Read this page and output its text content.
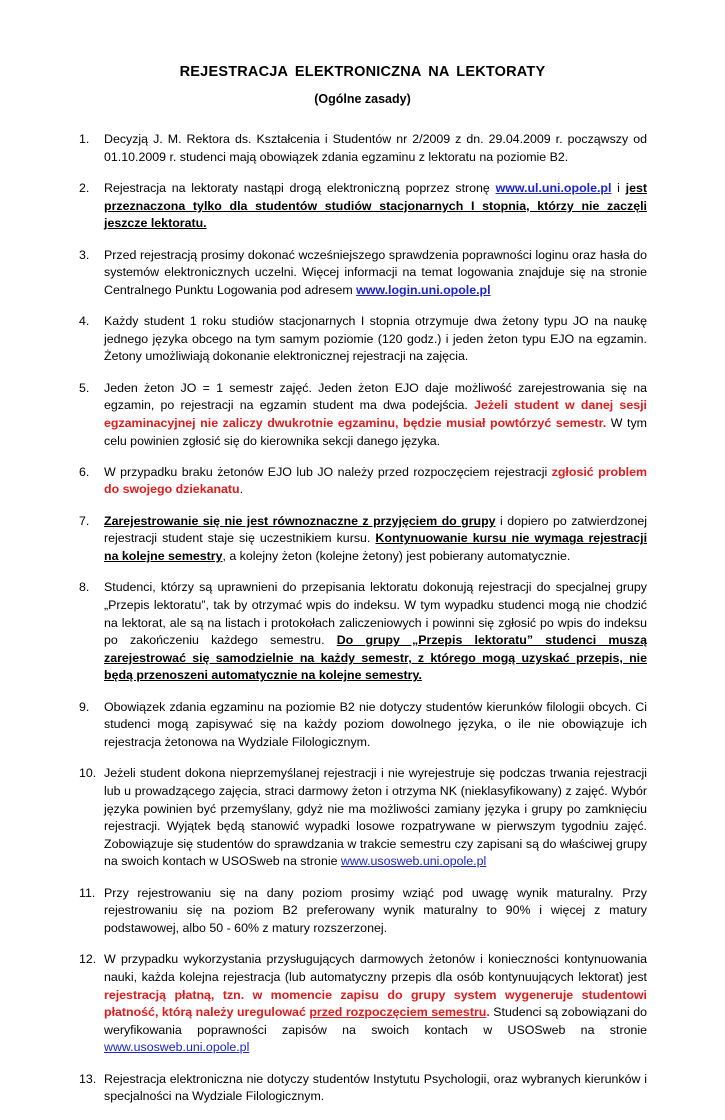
REJESTRACJA ELEKTRONICZNA NA LEKTORATY
(Ogólne zasady)
1.	Decyzją J. M. Rektora ds. Kształcenia i Studentów nr 2/2009 z dn. 29.04.2009 r. począwszy od 01.10.2009 r. studenci mają obowiązek zdania egzaminu z lektoratu na poziomie B2.
2.	Rejestracja na lektoraty nastąpi drogą elektroniczną poprzez stronę www.ul.uni.opole.pl i jest przeznaczona tylko dla studentów studiów stacjonarnych I stopnia, którzy nie zaczęli jeszcze lektoratu.
3.	Przed rejestracją prosimy dokonać wcześniejszego sprawdzenia poprawności loginu oraz hasła do systemów elektronicznych uczelni. Więcej informacji na temat logowania znajduje się na stronie Centralnego Punktu Logowania pod adresem www.login.uni.opole.pl
4.	Każdy student 1 roku studiów stacjonarnych I stopnia otrzymuje dwa żetony typu JO na naukę jednego języka obcego na tym samym poziomie (120 godz.) i jeden żeton typu EJO na egzamin. Żetony umożliwiają dokonanie elektronicznej rejestracji na zajęcia.
5.	Jeden żeton JO = 1 semestr zajęć. Jeden żeton EJO daje możliwość zarejestrowania się na egzamin, po rejestracji na egzamin student ma dwa podejścia. Jeżeli student w danej sesji egzaminacyjnej nie zaliczy dwukrotnie egzaminu, będzie musiał powtórzyć semestr. W tym celu powinien zgłosić się do kierownika sekcji danego języka.
6.	W przypadku braku żetonów EJO lub JO należy przed rozpoczęciem rejestracji zgłosić problem do swojego dziekanatu.
7.	Zarejestrowanie się nie jest równoznaczne z przyjęciem do grupy i dopiero po zatwierdzonej rejestracji student staje się uczestnikiem kursu. Kontynuowanie kursu nie wymaga rejestracji na kolejne semestry, a kolejny żeton (kolejne żetony) jest pobierany automatycznie.
8.	Studenci, którzy są uprawnieni do przepisania lektoratu dokonują rejestracji do specjalnej grupy „Przepis lektoratu”, tak by otrzymać wpis do indeksu. W tym wypadku studenci mogą nie chodzić na lektorat, ale są na listach i protokołach zaliczeniowych i powinni się zgłosić po wpis do indeksu po zakończeniu każdego semestru. Do grupy „Przepis lektoratu” studenci muszą zarejestrować się samodzielnie na każdy semestr, z którego mogą uzyskać przepis, nie będą przenoszeni automatycznie na kolejne semestry.
9.	Obowiązek zdania egzaminu na poziomie B2 nie dotyczy studentów kierunków filologii obcych. Ci studenci mogą zapisywać się na każdy poziom dowolnego języka, o ile nie obowiązuje ich rejestracja żetonowa na Wydziale Filologicznym.
10. Jeżeli student dokona nieprzemyślanej rejestracji i nie wyrejestruje się podczas trwania rejestracji lub u prowadzącego zajęcia, straci darmowy żeton i otrzyma NK (nieklasyfikowany) z zajęć. Wybór języka powinien być przemyślany, gdyż nie ma możliwości zamiany języka i grupy po zamknięciu rejestracji. Wyjątek będą stanowić wypadki losowe rozpatrywane w pierwszym tygodniu zajęć. Zobowiązuje się studentów do sprawdzania w trakcie semestru czy zapisani są do właściwej grupy na swoich kontach w USOSweb na stronie www.usosweb.uni.opole.pl
11. Przy rejestrowaniu się na dany poziom prosimy wziąć pod uwagę wynik maturalny. Przy rejestrowaniu się na poziom B2 preferowany wynik maturalny to 90% i więcej z matury podstawowej, albo 50 - 60% z matury rozszerzonej.
12. W przypadku wykorzystania przysługujących darmowych żetonów i konieczności kontynuowania nauki, każda kolejna rejestracja (lub automatyczny przepis dla osób kontynuujących lektorat) jest rejestracją płatną, tzn. w momencie zapisu do grupy system wygeneruje studentowi płatność, którą należy uregulować przed rozpoczęciem semestru. Studenci są zobowiązani do weryfikowania poprawności zapisów na swoich kontach w USOSweb na stronie www.usosweb.uni.opole.pl
13. Rejestracja elektroniczna nie dotyczy studentów Instytutu Psychologii, oraz wybranych kierunków i specjalności na Wydziale Filologicznym.
